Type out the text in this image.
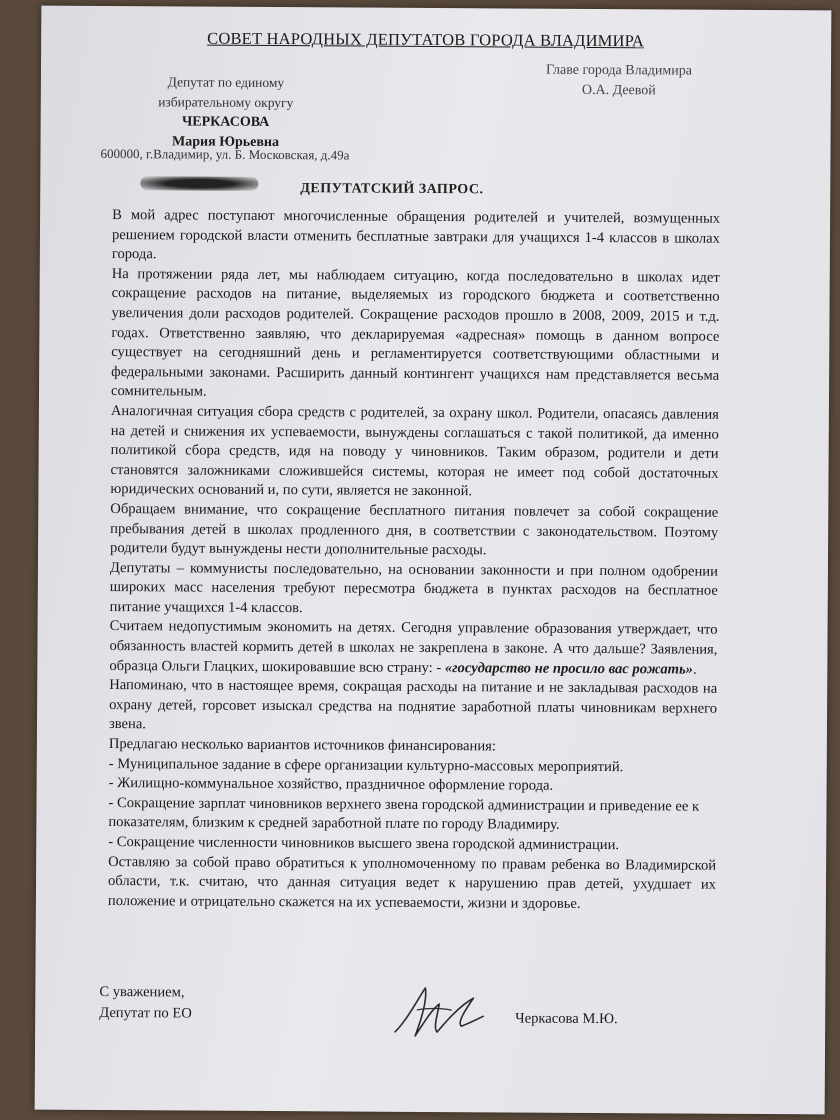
СОВЕТ НАРОДНЫХ ДЕПУТАТОВ ГОРОДА ВЛАДИМИРА
Депутат по единому
избирательному округу
ЧЕРКАСОВА
Мария Юрьевна
600000, г.Владимир, ул. Б. Московская, д.49а
Главе города Владимира
О.А. Деевой
ДЕПУТАТСКИЙ ЗАПРОС.

В мой адрес поступают многочисленные обращения родителей и учителей, возмущенных решением городской власти отменить бесплатные завтраки для учащихся 1-4 классов в школах города.

На протяжении ряда лет, мы наблюдаем ситуацию, когда последовательно в школах идет сокращение расходов на питание, выделяемых из городского бюджета и соответственно увеличения доли расходов родителей. Сокращение расходов прошло в 2008, 2009, 2015 и т.д. годах. Ответственно заявляю, что декларируемая «адресная» помощь в данном вопросе существует на сегодняшний день и регламентируется соответствующими областными и федеральными законами. Расширить данный контингент учащихся нам представляется весьма сомнительным.

Аналогичная ситуация сбора средств с родителей, за охрану школ. Родители, опасаясь давления на детей и снижения их успеваемости, вынуждены соглашаться с такой политикой, да именно политикой сбора средств, идя на поводу у чиновников. Таким образом, родители и дети становятся заложниками сложившейся системы, которая не имеет под собой достаточных юридических оснований и, по сути, является не законной.

Обращаем внимание, что сокращение бесплатного питания повлечет за собой сокращение пребывания детей в школах продленного дня, в соответствии с законодательством. Поэтому родители будут вынуждены нести дополнительные расходы.

Депутаты – коммунисты последовательно, на основании законности и при полном одобрении широких масс населения требуют пересмотра бюджета в пунктах расходов на бесплатное питание учащихся 1-4 классов.

Считаем недопустимым экономить на детях. Сегодня управление образования утверждает, что обязанность властей кормить детей в школах не закреплена в законе. А что дальше? Заявления, образца Ольги Глацких, шокировавшие всю страну: - «государство не просило вас рожать».

Напоминаю, что в настоящее время, сокращая расходы на питание и не закладывая расходов на охрану детей, горсовет изыскал средства на поднятие заработной платы чиновникам верхнего звена.

Предлагаю несколько вариантов источников финансирования:

- Муниципальное задание в сфере организации культурно-массовых мероприятий.

- Жилищно-коммунальное хозяйство, праздничное оформление города.

- Сокращение зарплат чиновников верхнего звена городской администрации и приведение ее к показателям, близким к средней заработной плате по городу Владимиру.

- Сокращение численности чиновников высшего звена городской администрации.

Оставляю за собой право обратиться к уполномоченному по правам ребенка во Владимирской области, т.к. считаю, что данная ситуация ведет к нарушению прав детей, ухудшает их положение и отрицательно скажется на их успеваемости, жизни и здоровье.

С уважением,
Депутат по ЕО	Черкасова М.Ю.
